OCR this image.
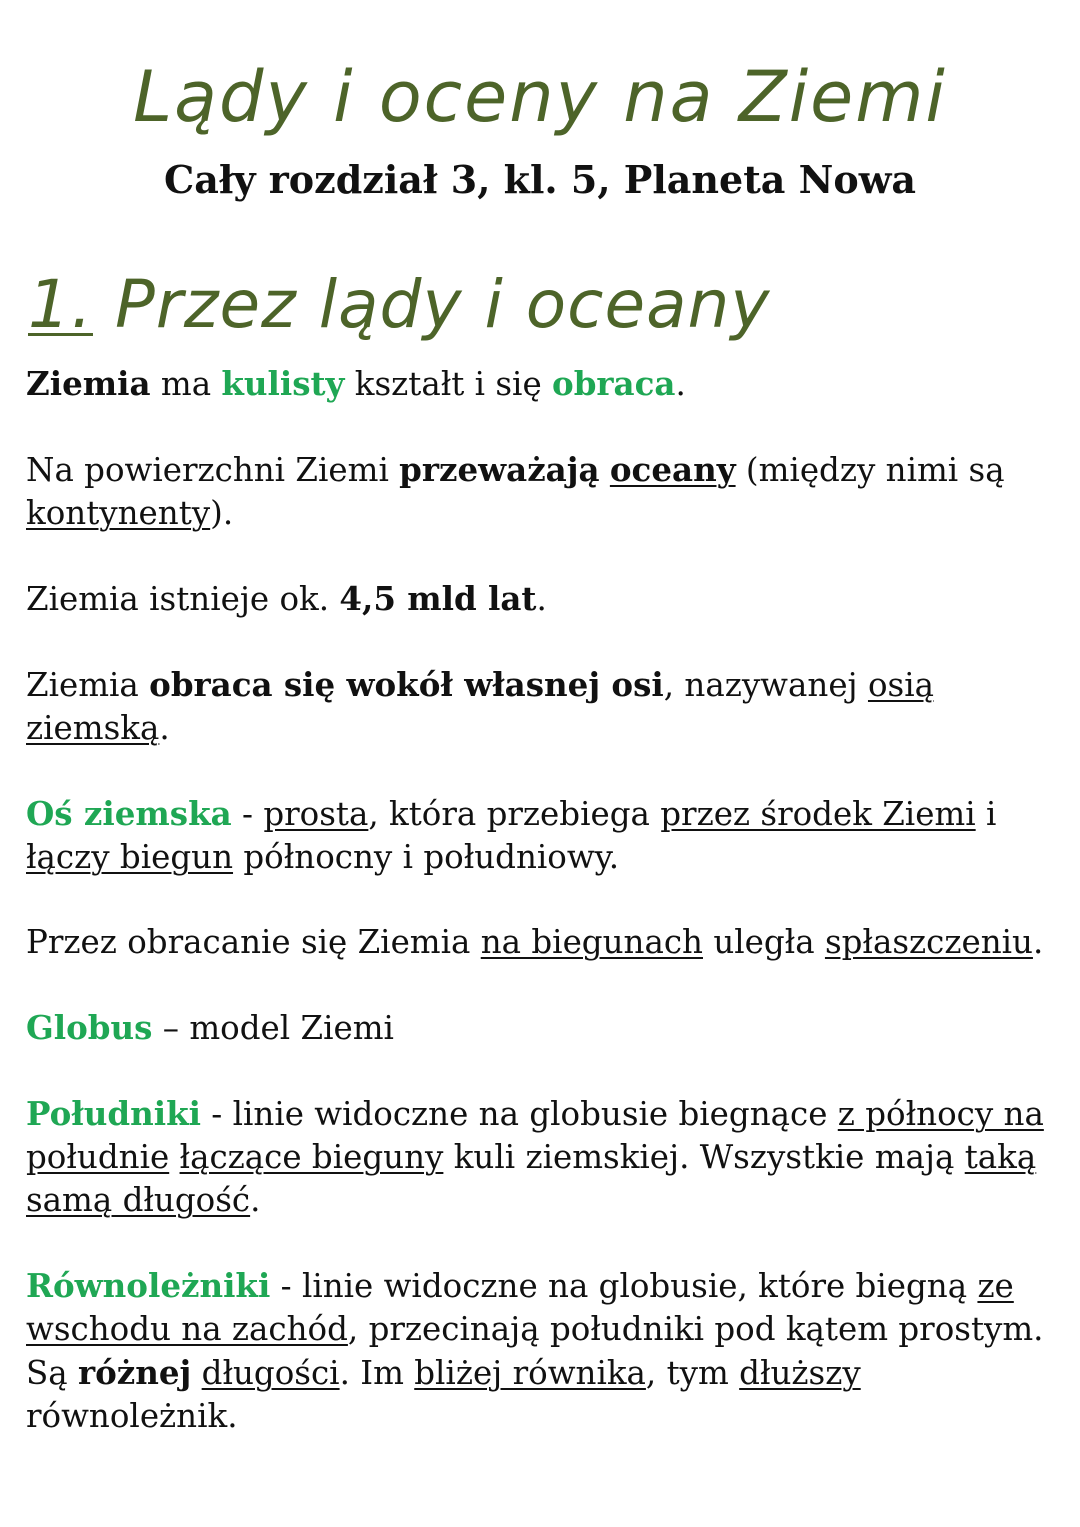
Lądy i oceny na Ziemi
Cały rozdział 3, kl. 5, Planeta Nowa
1. Przez lądy i oceany

Ziemia ma kulisty kształt i się obraca.

Na powierzchni Ziemi przeważają oceany (między nimi są kontynenty).

Ziemia istnieje ok. 4,5 mld lat.

Ziemia obraca się wokół własnej osi, nazywanej osią ziemską.

Oś ziemska - prosta, która przebiega przez środek Ziemi i łączy biegun północny i południowy.

Przez obracanie się Ziemia na biegunach uległa spłaszczeniu.

Globus – model Ziemi

Południki - linie widoczne na globusie biegnące z północy na południe łączące bieguny kuli ziemskiej. Wszystkie mają taką samą długość.

Równoleżniki - linie widoczne na globusie, które biegną ze wschodu na zachód, przecinają południki pod kątem prostym. Są różnej długości. Im bliżej równika, tym dłuższy równoleżnik.
